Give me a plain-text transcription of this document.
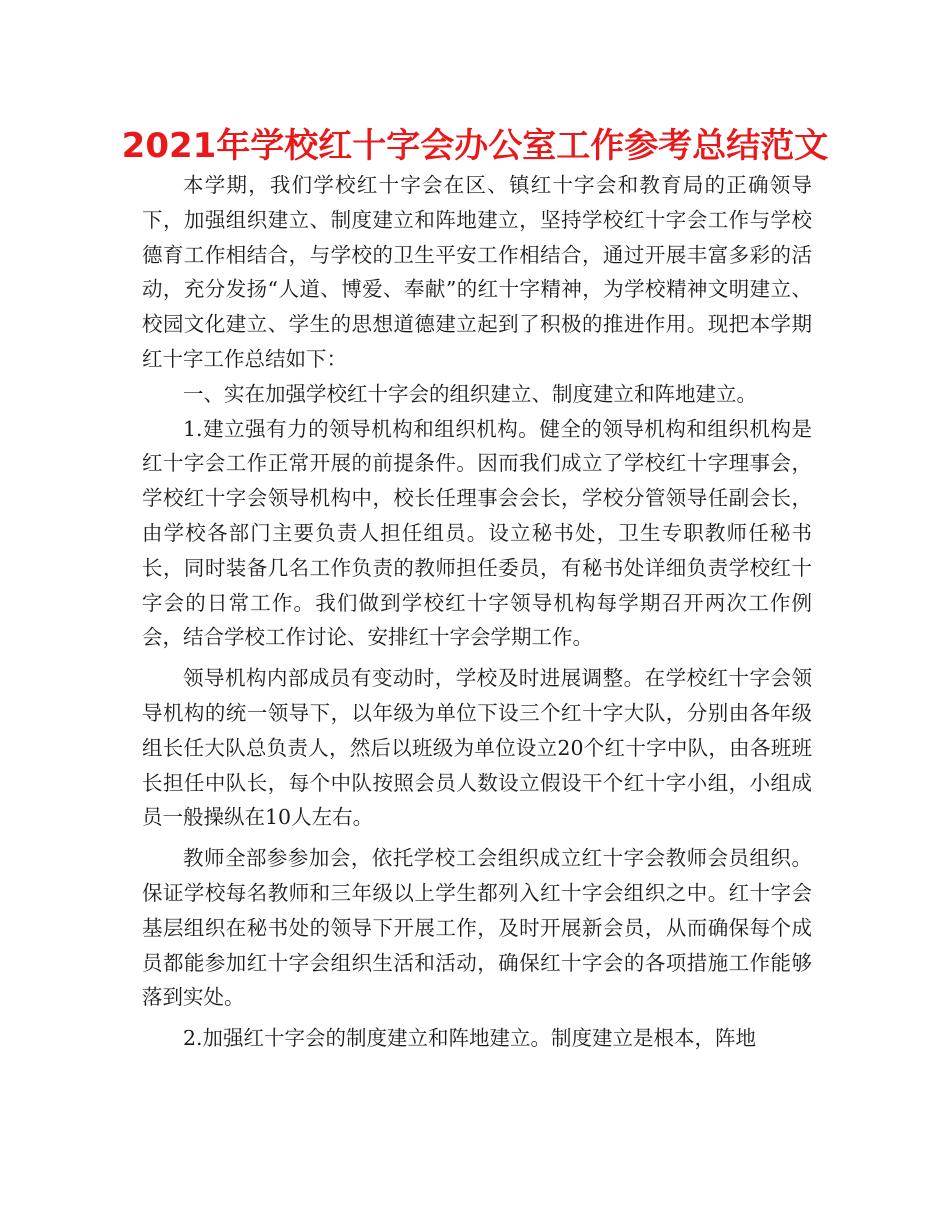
2021年学校红十字会办公室工作参考总结范文

本学期，我们学校红十字会在区、镇红十字会和教育局的正确领导下，加强组织建立、制度建立和阵地建立，坚持学校红十字会工作与学校德育工作相结合，与学校的卫生平安工作相结合，通过开展丰富多彩的活动，充分发扬“人道、博爱、奉献”的红十字精神，为学校精神文明建立、校园文化建立、学生的思想道德建立起到了积极的推进作用。现把本学期红十字工作总结如下：

一、实在加强学校红十字会的组织建立、制度建立和阵地建立。

1.建立强有力的领导机构和组织机构。健全的领导机构和组织机构是红十字会工作正常开展的前提条件。因而我们成立了学校红十字理事会，学校红十字会领导机构中，校长任理事会会长，学校分管领导任副会长，由学校各部门主要负责人担任组员。设立秘书处，卫生专职教师任秘书长，同时装备几名工作负责的教师担任委员，有秘书处详细负责学校红十字会的日常工作。我们做到学校红十字领导机构每学期召开两次工作例会，结合学校工作讨论、安排红十字会学期工作。

领导机构内部成员有变动时，学校及时进展调整。在学校红十字会领导机构的统一领导下，以年级为单位下设三个红十字大队，分别由各年级组长任大队总负责人，然后以班级为单位设立20个红十字中队，由各班班长担任中队长，每个中队按照会员人数设立假设干个红十字小组，小组成员一般操纵在10人左右。

教师全部参参加会，依托学校工会组织成立红十字会教师会员组织。保证学校每名教师和三年级以上学生都列入红十字会组织之中。红十字会基层组织在秘书处的领导下开展工作，及时开展新会员，从而确保每个成员都能参加红十字会组织生活和活动，确保红十字会的各项措施工作能够落到实处。

2.加强红十字会的制度建立和阵地建立。制度建立是根本，阵地
